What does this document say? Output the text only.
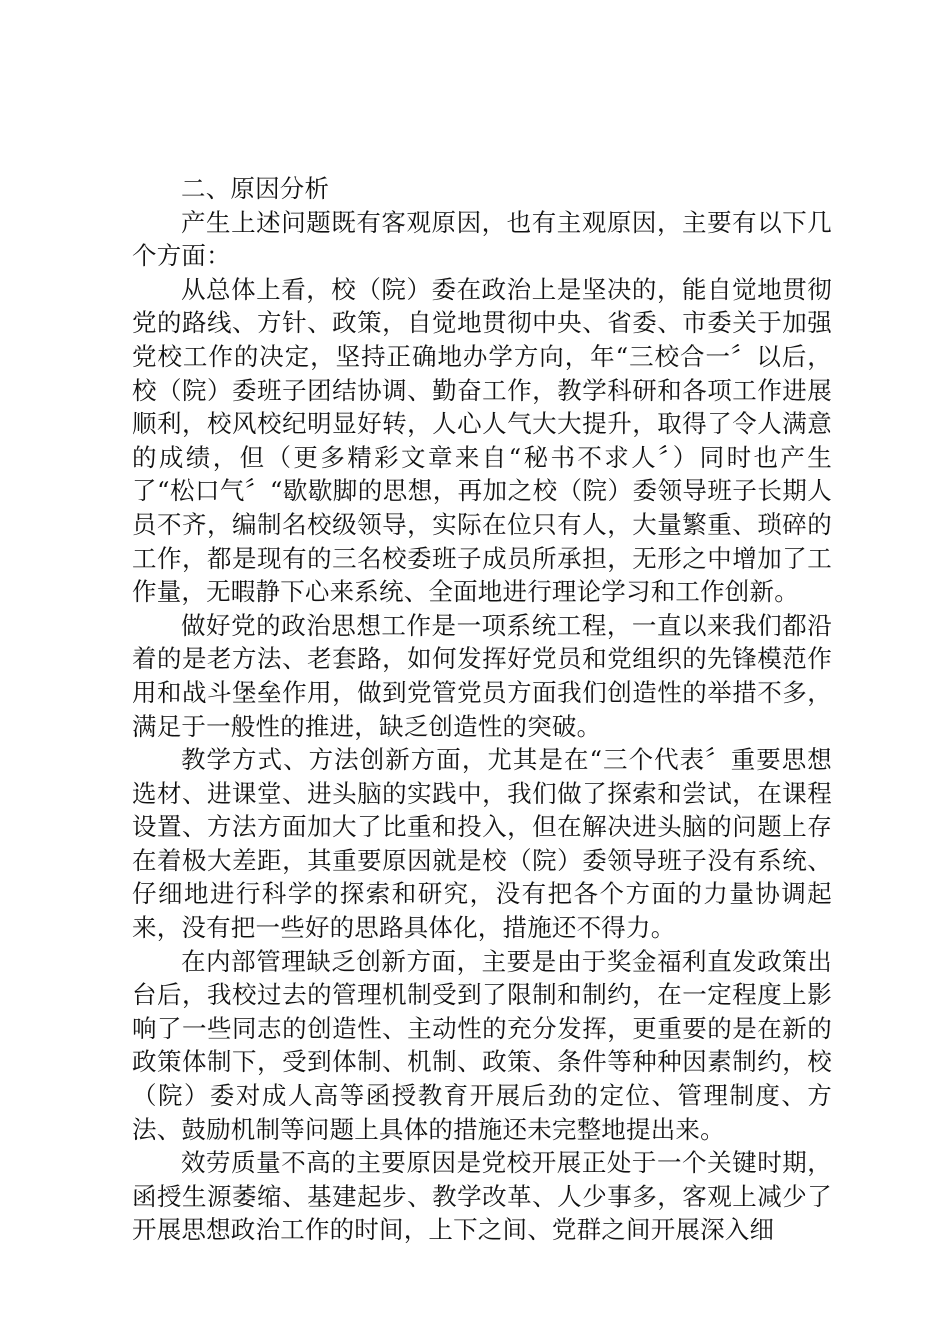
二、原因分析

产生上述问题既有客观原因，也有主观原因，主要有以下几个方面：

从总体上看，校（院）委在政治上是坚决的，能自觉地贯彻党的路线、方针、政策，自觉地贯彻中央、省委、市委关于加强党校工作的决定，坚持正确地办学方向，年“三校合一〞以后，校（院）委班子团结协调、勤奋工作，教学科研和各项工作进展顺利，校风校纪明显好转，人心人气大大提升，取得了令人满意的成绩，但（更多精彩文章来自“秘书不求人〞）同时也产生了“松口气〞“歇歇脚的思想，再加之校（院）委领导班子长期人员不齐，编制名校级领导，实际在位只有人，大量繁重、琐碎的工作，都是现有的三名校委班子成员所承担，无形之中增加了工作量，无暇静下心来系统、全面地进行理论学习和工作创新。

做好党的政治思想工作是一项系统工程，一直以来我们都沿着的是老方法、老套路，如何发挥好党员和党组织的先锋模范作用和战斗堡垒作用，做到党管党员方面我们创造性的举措不多，满足于一般性的推进，缺乏创造性的突破。

教学方式、方法创新方面，尤其是在“三个代表〞重要思想选材、进课堂、进头脑的实践中，我们做了探索和尝试，在课程设置、方法方面加大了比重和投入，但在解决进头脑的问题上存在着极大差距，其重要原因就是校（院）委领导班子没有系统、仔细地进行科学的探索和研究，没有把各个方面的力量协调起来，没有把一些好的思路具体化，措施还不得力。

在内部管理缺乏创新方面，主要是由于奖金福利直发政策出台后，我校过去的管理机制受到了限制和制约，在一定程度上影响了一些同志的创造性、主动性的充分发挥，更重要的是在新的政策体制下，受到体制、机制、政策、条件等种种因素制约，校（院）委对成人高等函授教育开展后劲的定位、管理制度、方法、鼓励机制等问题上具体的措施还未完整地提出来。

效劳质量不高的主要原因是党校开展正处于一个关键时期，函授生源萎缩、基建起步、教学改革、人少事多，客观上减少了开展思想政治工作的时间，上下之间、党群之间开展深入细
